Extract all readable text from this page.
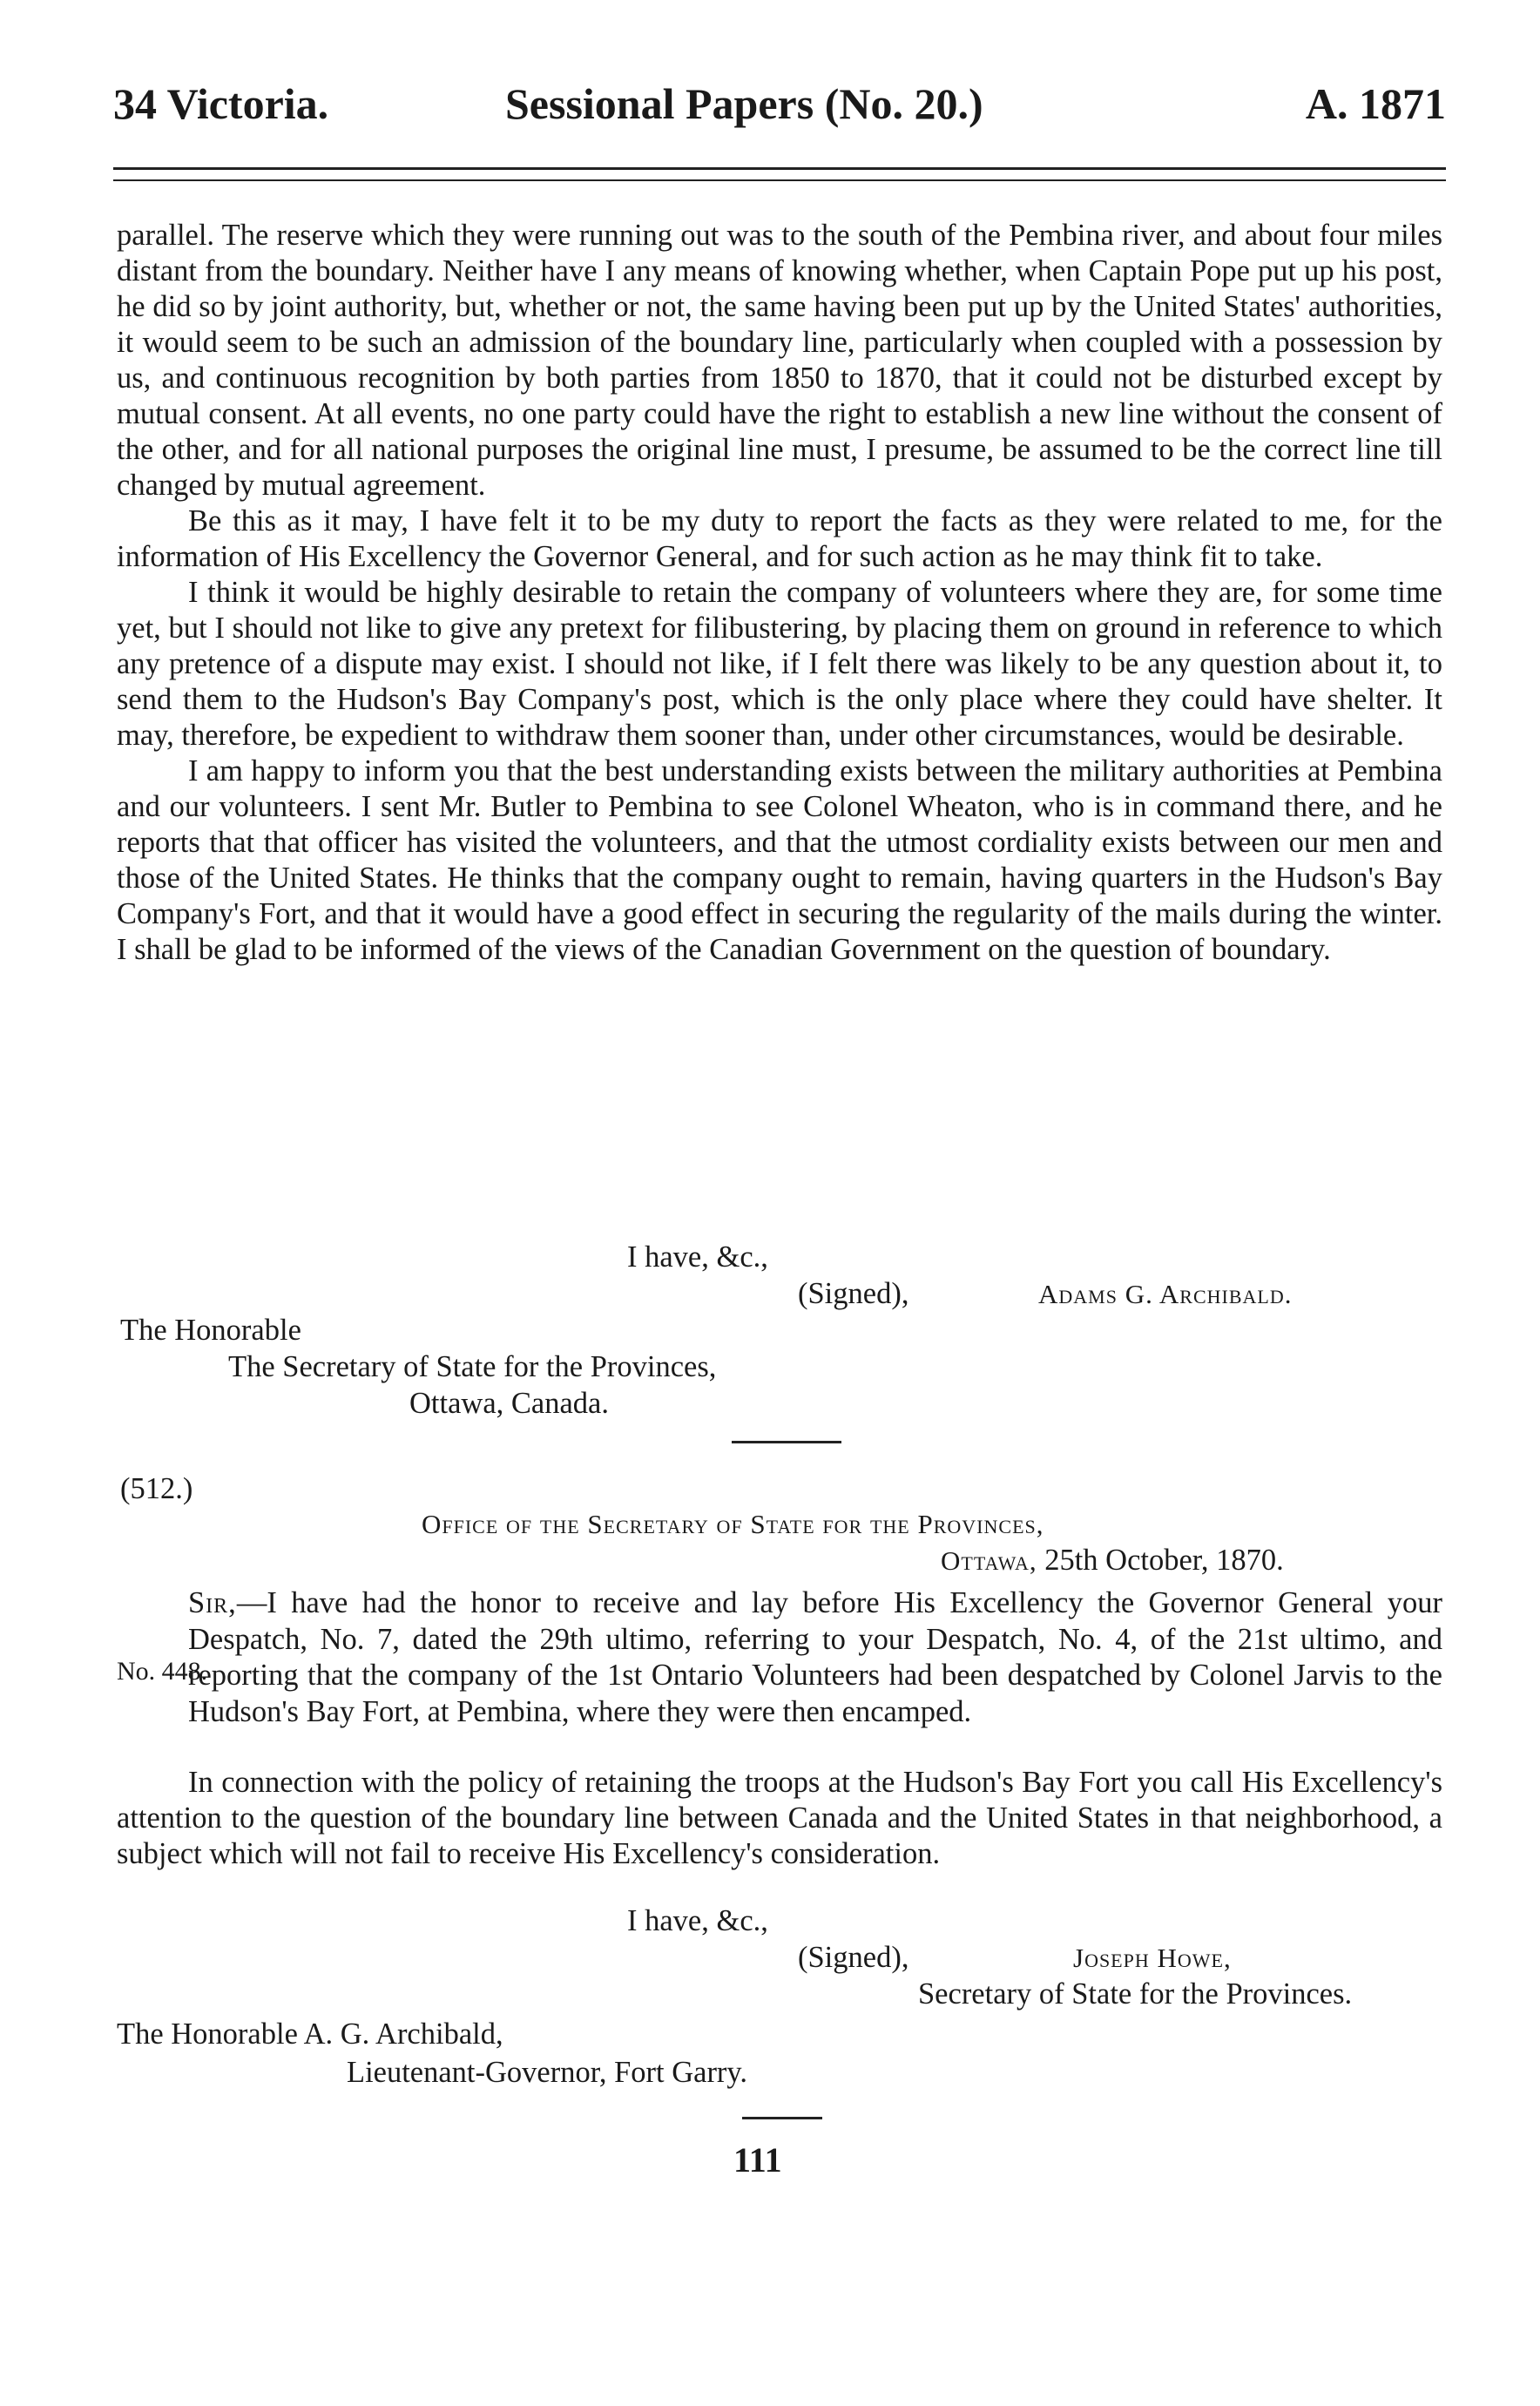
34 Victoria.	Sessional Papers (No. 20.)	A. 1871

parallel. The reserve which they were running out was to the south of the Pembina river, and about four miles distant from the boundary. Neither have I any means of knowing whether, when Captain Pope put up his post, he did so by joint authority, but, whether or not, the same having been put up by the United States' authorities, it would seem to be such an admission of the boundary line, particularly when coupled with a possession by us, and continuous recognition by both parties from 1850 to 1870, that it could not be disturbed except by mutual consent. At all events, no one party could have the right to establish a new line without the consent of the other, and for all national purposes the original line must, I presume, be assumed to be the correct line till changed by mutual agreement.

Be this as it may, I have felt it to be my duty to report the facts as they were related to me, for the information of His Excellency the Governor General, and for such action as he may think fit to take.

I think it would be highly desirable to retain the company of volunteers where they are, for some time yet, but I should not like to give any pretext for filibustering, by placing them on ground in reference to which any pretence of a dispute may exist. I should not like, if I felt there was likely to be any question about it, to send them to the Hudson's Bay Company's post, which is the only place where they could have shelter. It may, therefore, be expedient to withdraw them sooner than, under other circumstances, would be desirable.

I am happy to inform you that the best understanding exists between the military authorities at Pembina and our volunteers. I sent Mr. Butler to Pembina to see Colonel Wheaton, who is in command there, and he reports that that officer has visited the volunteers, and that the utmost cordiality exists between our men and those of the United States. He thinks that the company ought to remain, having quarters in the Hudson's Bay Company's Fort, and that it would have a good effect in securing the regularity of the mails during the winter. I shall be glad to be informed of the views of the Canadian Government on the question of boundary.

I have, &c.,
(Signed),	Adams G. Archibald.
The Honorable
The Secretary of State for the Provinces,
Ottawa, Canada.
(512.)
Office of the Secretary of State for the Provinces,
Ottawa, 25th October, 1870.
No. 448.
Sir,—I have had the honor to receive and lay before His Excellency the Governor General your Despatch, No. 7, dated the 29th ultimo, referring to your Despatch, No. 4, of the 21st ultimo, and reporting that the company of the 1st Ontario Volunteers had been despatched by Colonel Jarvis to the Hudson's Bay Fort, at Pembina, where they were then encamped.
In connection with the policy of retaining the troops at the Hudson's Bay Fort you call His Excellency's attention to the question of the boundary line between Canada and the United States in that neighborhood, a subject which will not fail to receive His Excellency's consideration.
I have, &c.,
(Signed),	Joseph Howe,
Secretary of State for the Provinces.
The Honorable A. G. Archibald,
Lieutenant-Governor, Fort Garry.
111
